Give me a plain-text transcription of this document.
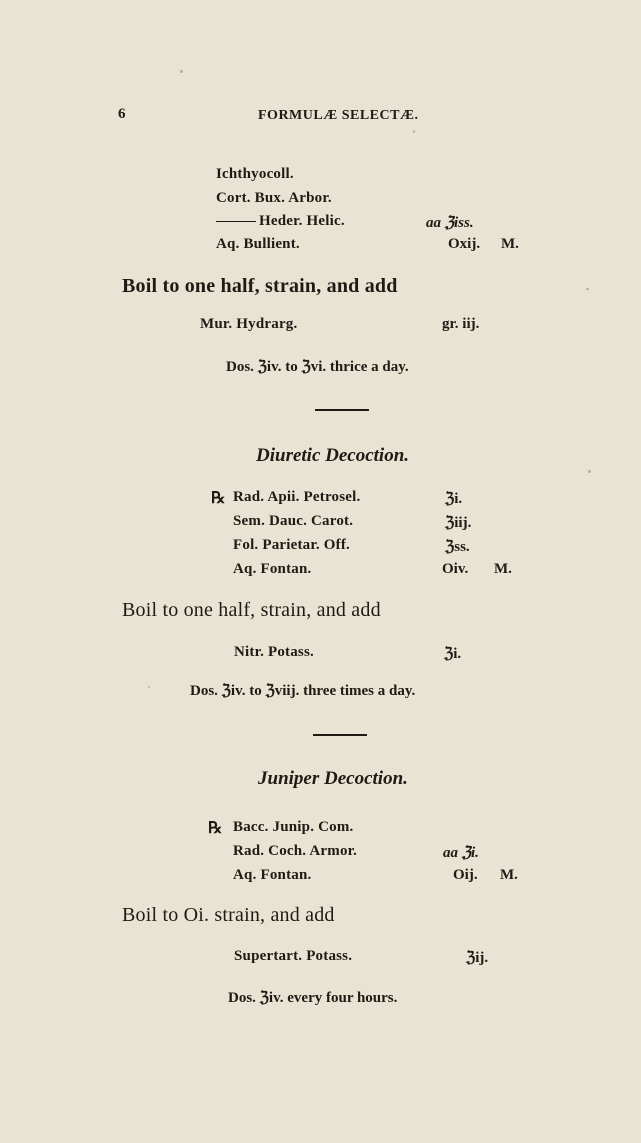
6	FORMULÆ SELECTÆ.
Ichthyocoll.
Cort. Bux. Arbor.
Heder. Helic.	aa ℨiss.
Aq. Bullient.	Oxij. M.
Boil to one half, strain, and add
Mur. Hydrarg.	gr. iij.
Dos. ℨiv. to ℨvi. thrice a day.
Diuretic Decoction.
℞ Rad. Apii. Petrosel.	ℨi.
Sem. Dauc. Carot.	ℨiij.
Fol. Parietar. Off.	ℨss.
Aq. Fontan.	Oiv. M.
Boil to one half, strain, and add
Nitr. Potass.	ℨi.
Dos. ℨiv. to ℨviij. three times a day.
Juniper Decoction.
℞ Bacc. Junip. Com.
Rad. Coch. Armor.	aa ℨi.
Aq. Fontan.	Oij. M.
Boil to Oi. strain, and add
Supertart. Potass.	ℨij.
Dos. ℨiv. every four hours.
